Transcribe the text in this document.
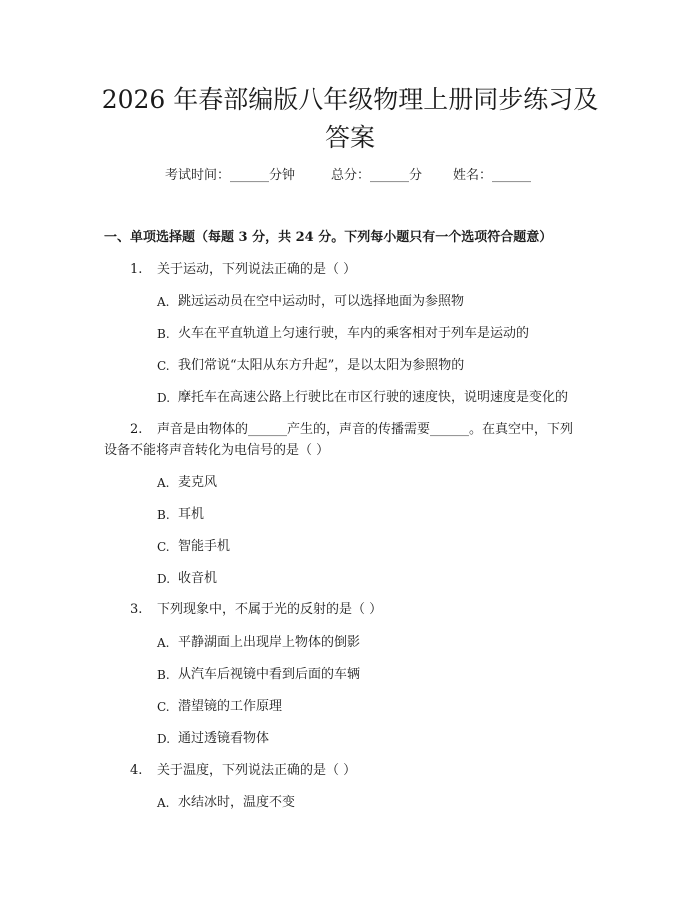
2026 年春部编版八年级物理上册同步练习及
答案
考试时间：______分钟	总分：______分 姓名：______
一、单项选择题（每题 3 分，共 24 分。下列每小题只有一个选项符合题意）
1. 关于运动，下列说法正确的是（ ）
A. 跳远运动员在空中运动时，可以选择地面为参照物
B. 火车在平直轨道上匀速行驶，车内的乘客相对于列车是运动的
C. 我们常说“太阳从东方升起”，是以太阳为参照物的
D. 摩托车在高速公路上行驶比在市区行驶的速度快，说明速度是变化的
2. 声音是由物体的______产生的，声音的传播需要______。在真空中，下列
设备不能将声音转化为电信号的是（ ）
A. 麦克风
B. 耳机
C. 智能手机
D. 收音机
3. 下列现象中，不属于光的反射的是（ ）
A. 平静湖面上出现岸上物体的倒影
B. 从汽车后视镜中看到后面的车辆
C. 潜望镜的工作原理
D. 通过透镜看物体
4. 关于温度，下列说法正确的是（ ）
A. 水结冰时，温度不变
